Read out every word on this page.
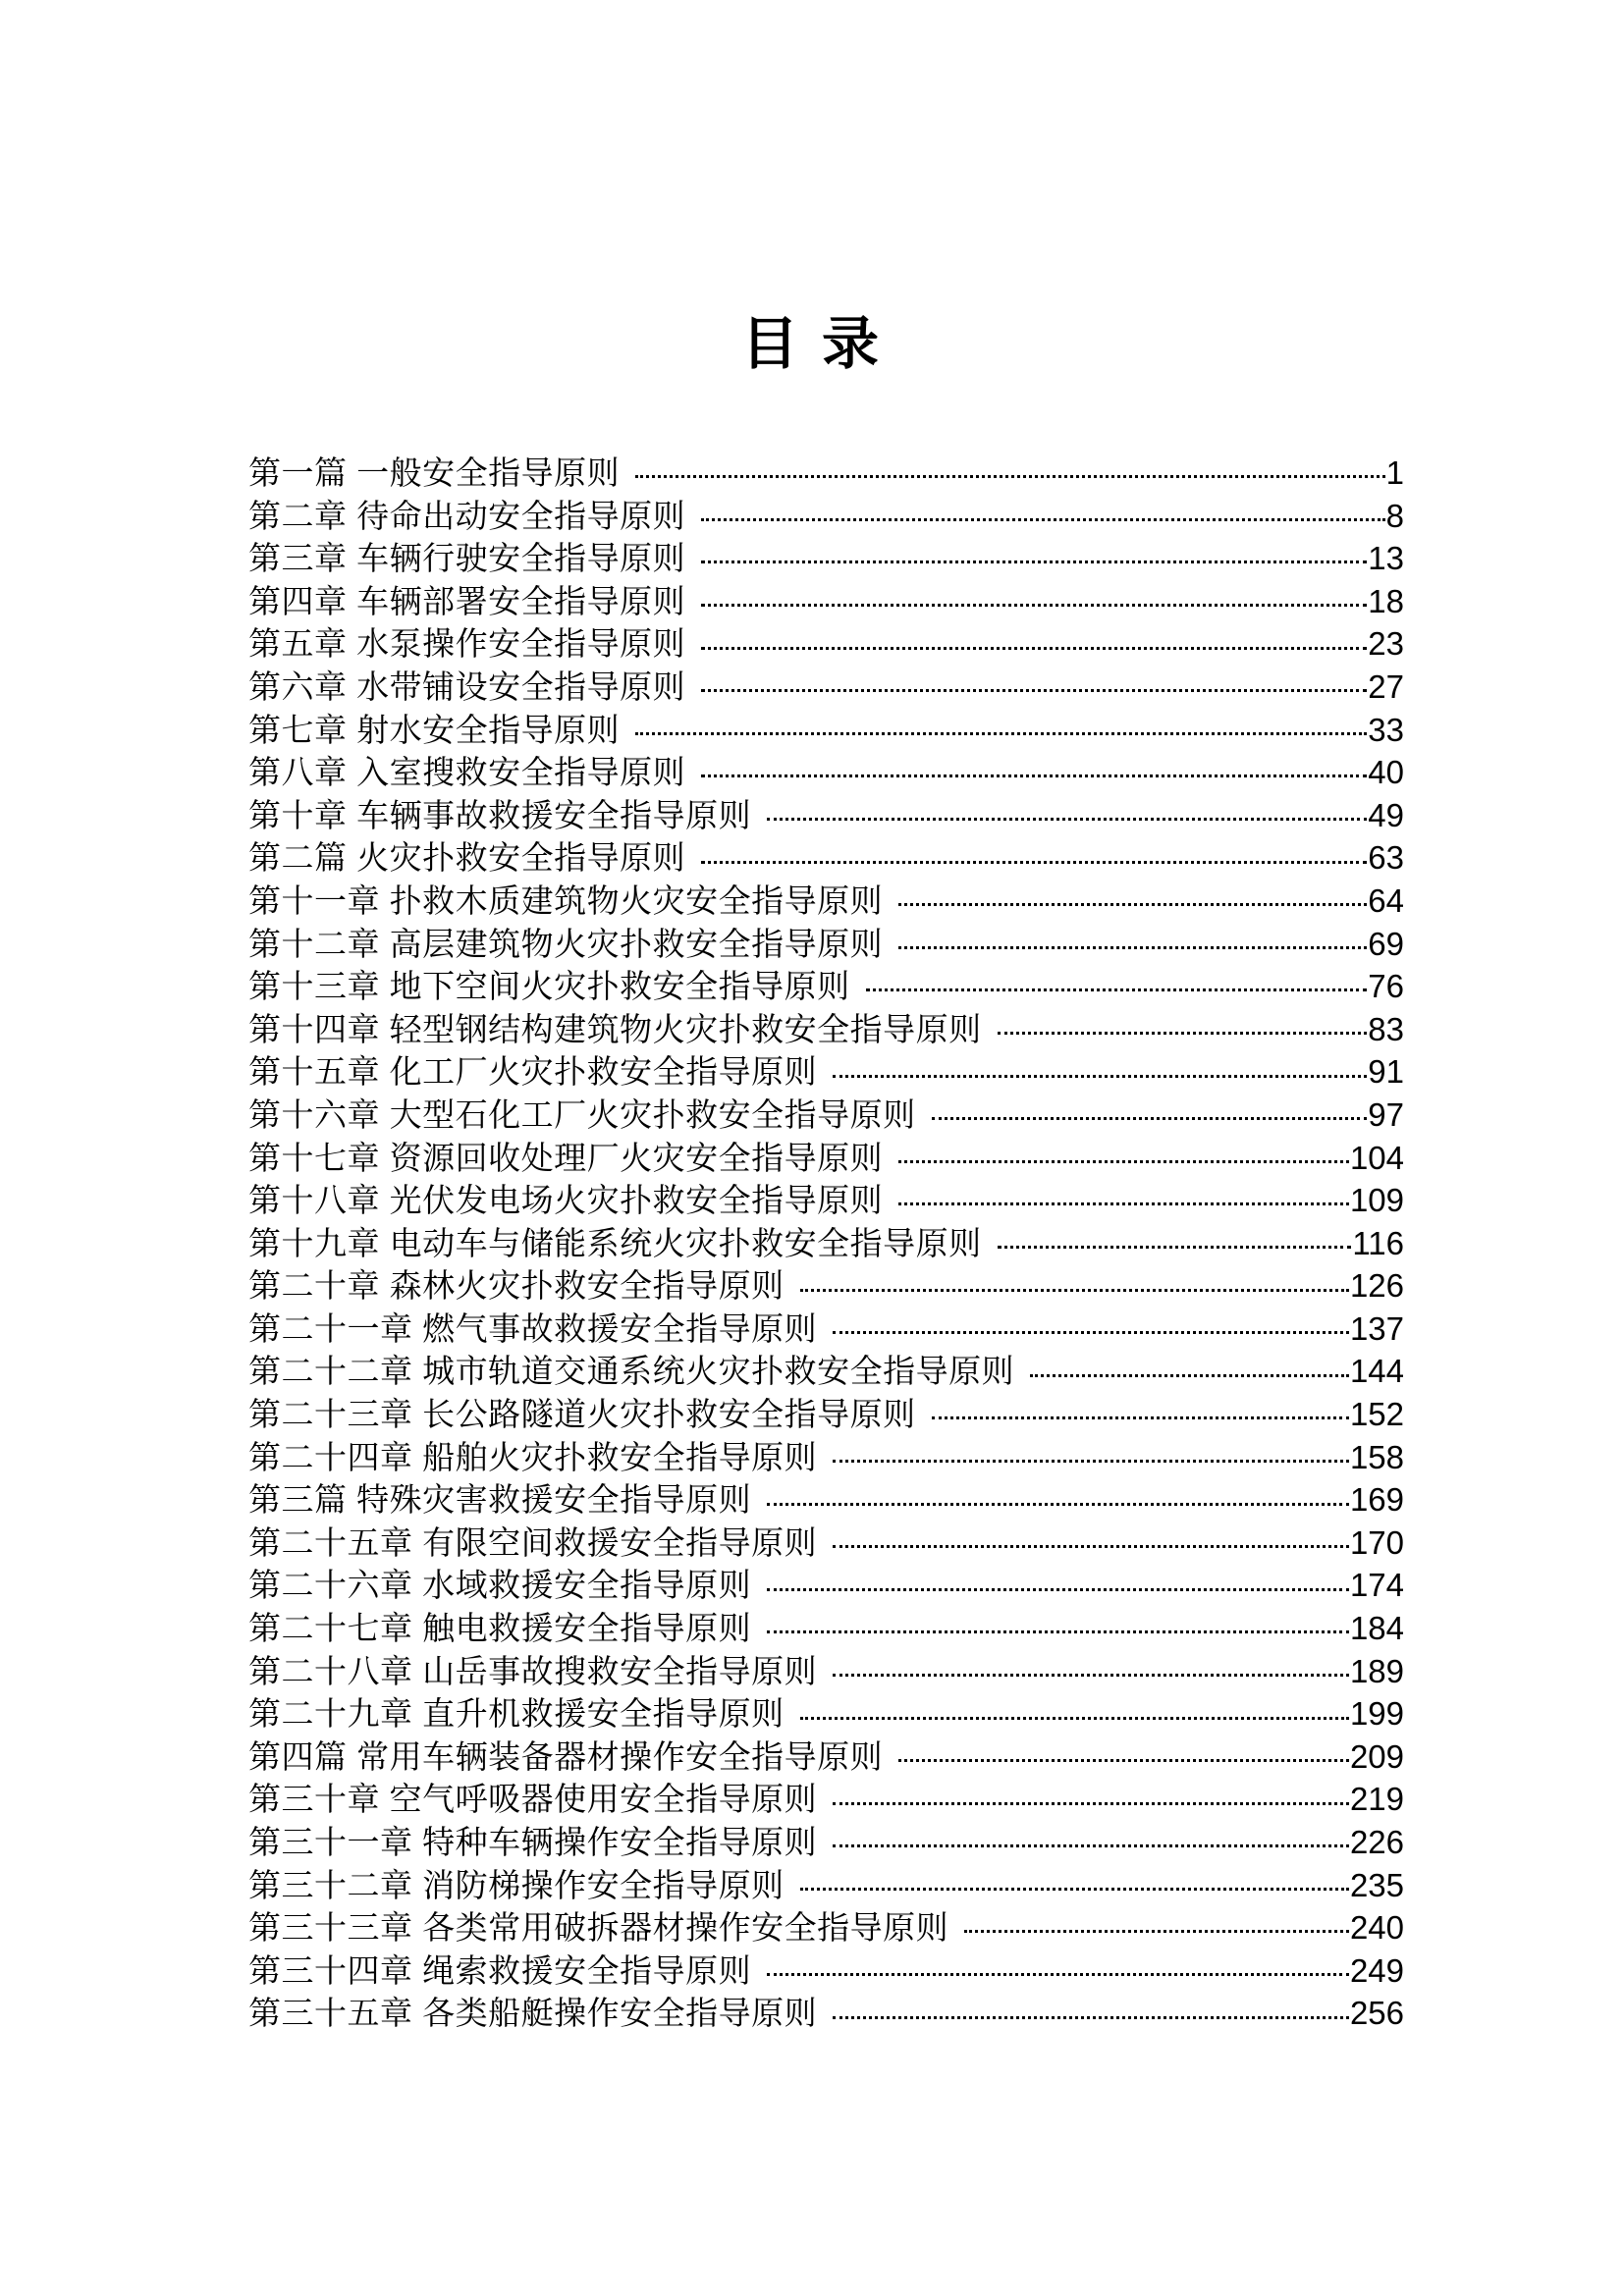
目 录
第一篇 一般安全指导原则	1
第二章 待命出动安全指导原则	8
第三章 车辆行驶安全指导原则	13
第四章 车辆部署安全指导原则	18
第五章 水泵操作安全指导原则	23
第六章 水带铺设安全指导原则	27
第七章 射水安全指导原则	33
第八章 入室搜救安全指导原则	40
第十章 车辆事故救援安全指导原则	49
第二篇 火灾扑救安全指导原则	63
第十一章 扑救木质建筑物火灾安全指导原则	64
第十二章 高层建筑物火灾扑救安全指导原则	69
第十三章 地下空间火灾扑救安全指导原则	76
第十四章 轻型钢结构建筑物火灾扑救安全指导原则	83
第十五章 化工厂火灾扑救安全指导原则	91
第十六章 大型石化工厂火灾扑救安全指导原则	97
第十七章 资源回收处理厂火灾安全指导原则	104
第十八章 光伏发电场火灾扑救安全指导原则	109
第十九章 电动车与储能系统火灾扑救安全指导原则	116
第二十章 森林火灾扑救安全指导原则	126
第二十一章 燃气事故救援安全指导原则	137
第二十二章 城市轨道交通系统火灾扑救安全指导原则	144
第二十三章 长公路隧道火灾扑救安全指导原则	152
第二十四章 船舶火灾扑救安全指导原则	158
第三篇 特殊灾害救援安全指导原则	169
第二十五章 有限空间救援安全指导原则	170
第二十六章 水域救援安全指导原则	174
第二十七章 触电救援安全指导原则	184
第二十八章 山岳事故搜救安全指导原则	189
第二十九章 直升机救援安全指导原则	199
第四篇 常用车辆装备器材操作安全指导原则	209
第三十章 空气呼吸器使用安全指导原则	219
第三十一章 特种车辆操作安全指导原则	226
第三十二章 消防梯操作安全指导原则	235
第三十三章 各类常用破拆器材操作安全指导原则	240
第三十四章 绳索救援安全指导原则	249
第三十五章 各类船艇操作安全指导原则	256
